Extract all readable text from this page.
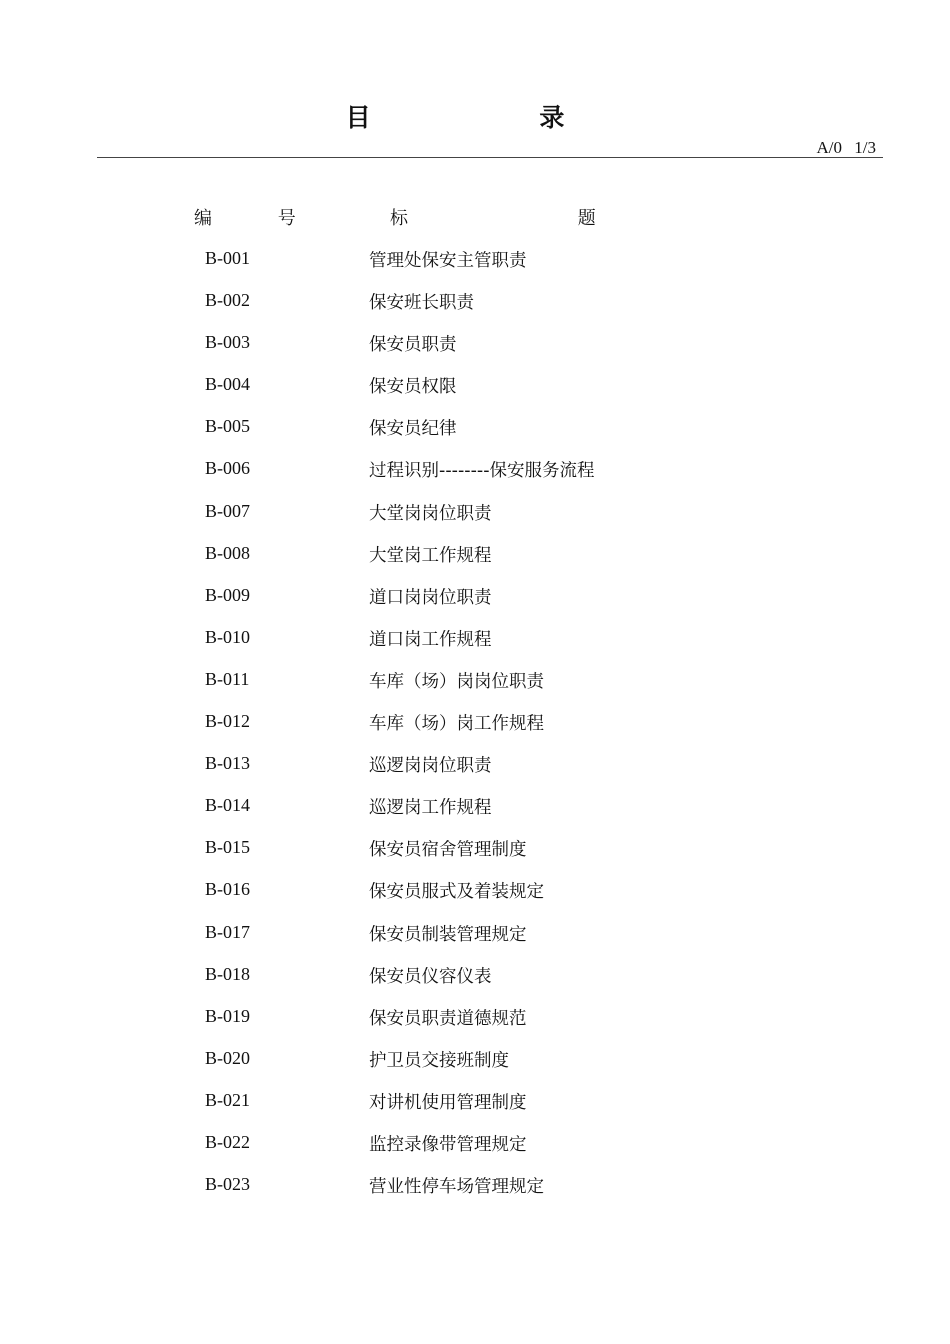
目 录
A/0 1/3
编 号	标 题
B-001	管理处保安主管职责
B-002	保安班长职责
B-003	保安员职责
B-004	保安员权限
B-005	保安员纪律
B-006	过程识别--------保安服务流程
B-007	大堂岗岗位职责
B-008	大堂岗工作规程
B-009	道口岗岗位职责
B-010	道口岗工作规程
B-011	车库（场）岗岗位职责
B-012	车库（场）岗工作规程
B-013	巡逻岗岗位职责
B-014	巡逻岗工作规程
B-015	保安员宿舍管理制度
B-016	保安员服式及着装规定
B-017	保安员制装管理规定
B-018	保安员仪容仪表
B-019	保安员职责道德规范
B-020	护卫员交接班制度
B-021	对讲机使用管理制度
B-022	监控录像带管理规定
B-023	营业性停车场管理规定
